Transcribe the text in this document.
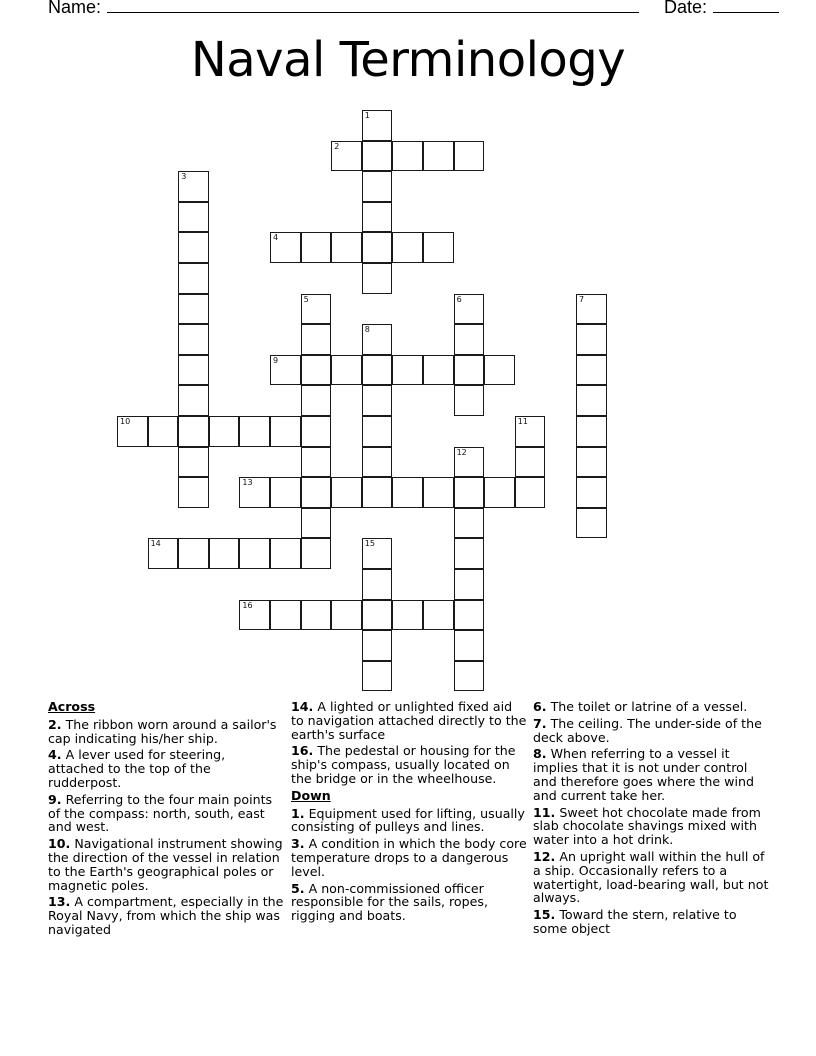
Name:	Date:
Naval Terminology
1
2
3
4
5	6	7
8
9
10	11
12
13
14	15
16
Across
2. The ribbon worn around a sailor's cap indicating his/her ship.
4. A lever used for steering, attached to the top of the rudderpost.
9. Referring to the four main points of the compass: north, south, east and west.
10. Navigational instrument showing the direction of the vessel in relation to the Earth's geographical poles or magnetic poles.
13. A compartment, especially in the Royal Navy, from which the ship was navigated
14. A lighted or unlighted fixed aid to navigation attached directly to the earth's surface
16. The pedestal or housing for the ship's compass, usually located on the bridge or in the wheelhouse.
Down
1. Equipment used for lifting, usually consisting of pulleys and lines.
3. A condition in which the body core temperature drops to a dangerous level.
5. A non-commissioned officer responsible for the sails, ropes, rigging and boats.
6. The toilet or latrine of a vessel.
7. The ceiling. The under-side of the deck above.
8. When referring to a vessel it implies that it is not under control and therefore goes where the wind and current take her.
11. Sweet hot chocolate made from slab chocolate shavings mixed with water into a hot drink.
12. An upright wall within the hull of a ship. Occasionally refers to a watertight, load-bearing wall, but not always.
15. Toward the stern, relative to some object
